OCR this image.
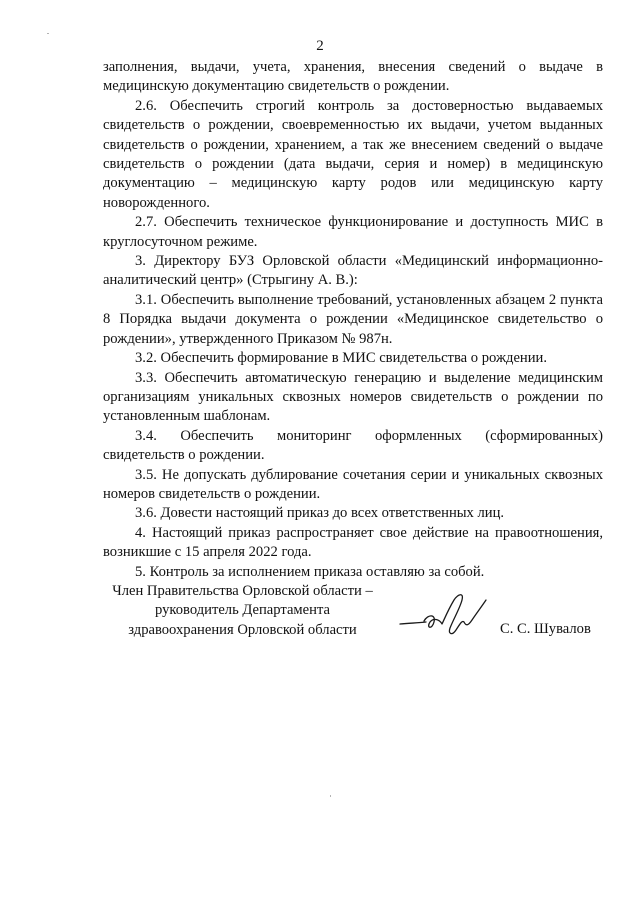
2

заполнения, выдачи, учета, хранения, внесения сведений о выдаче в медицинскую документацию свидетельств о рождении.

2.6. Обеспечить строгий контроль за достоверностью выдаваемых свидетельств о рождении, своевременностью их выдачи, учетом выданных свидетельств о рождении, хранением, а так же внесением сведений о выдаче свидетельств о рождении (дата выдачи, серия и номер) в медицинскую документацию – медицинскую карту родов или медицинскую карту новорожденного.

2.7. Обеспечить техническое функционирование и доступность МИС в круглосуточном режиме.

3. Директору БУЗ Орловской области «Медицинский информационно-аналитический центр» (Стрыгину А. В.):

3.1. Обеспечить выполнение требований, установленных абзацем 2 пункта 8 Порядка выдачи документа о рождении «Медицинское свидетельство о рождении», утвержденного Приказом № 987н.

3.2. Обеспечить формирование в МИС свидетельства о рождении.

3.3. Обеспечить автоматическую генерацию и выделение медицинским организациям уникальных сквозных номеров свидетельств о рождении по установленным шаблонам.

3.4. Обеспечить мониторинг оформленных (сформированных) свидетельств о рождении.

3.5. Не допускать дублирование сочетания серии и уникальных сквозных номеров свидетельств о рождении.

3.6. Довести настоящий приказ до всех ответственных лиц.

4. Настоящий приказ распространяет свое действие на правоотношения, возникшие с 15 апреля 2022 года.

5. Контроль за исполнением приказа оставляю за собой.

Член Правительства Орловской области –
руководитель Департамента
здравоохранения Орловской области	С. С. Шувалов
